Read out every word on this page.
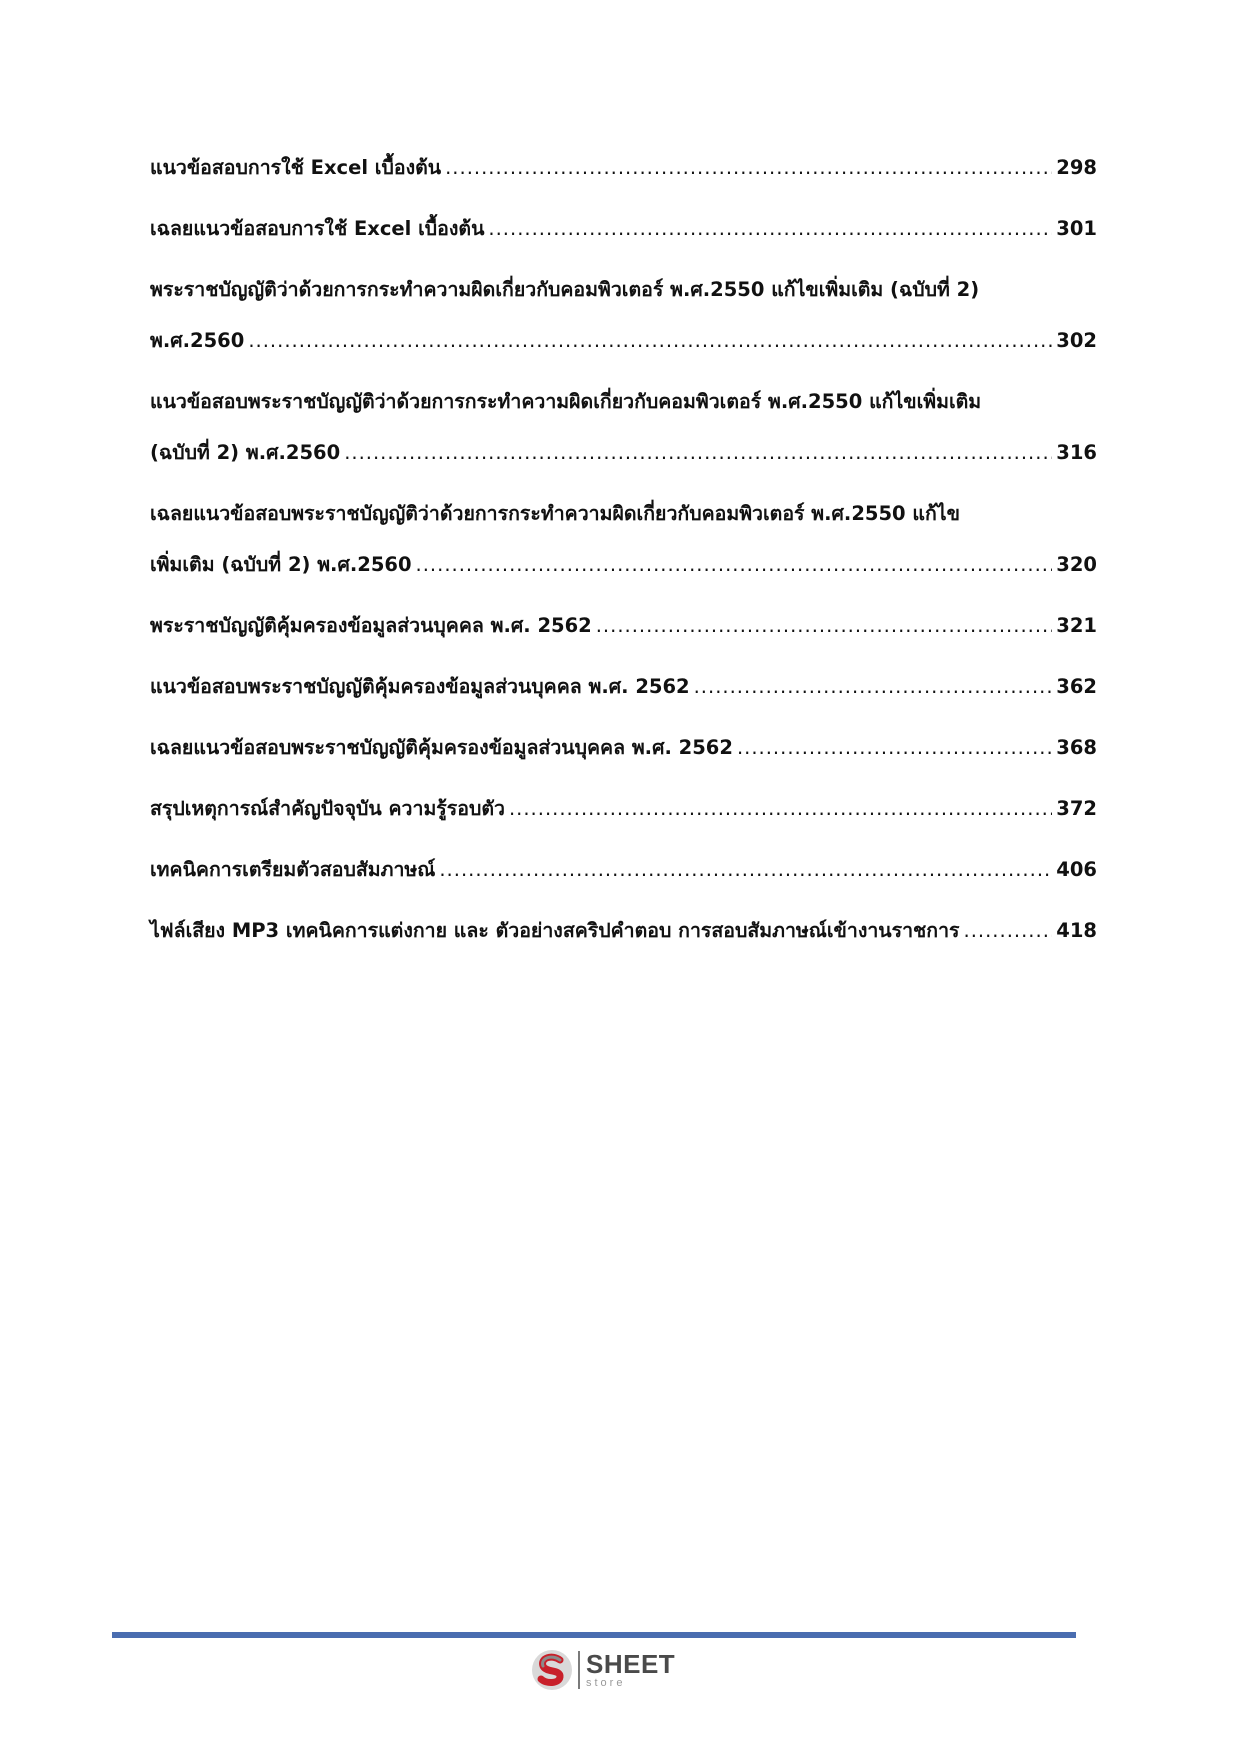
แนวข้อสอบการใช้ Excel เบื้องต้น .....	298
เฉลยแนวข้อสอบการใช้ Excel เบื้องต้น .....	301
พระราชบัญญัติว่าด้วยการกระทำความผิดเกี่ยวกับคอมพิวเตอร์ พ.ศ.2550 แก้ไขเพิ่มเติม (ฉบับที่ 2)
พ.ศ.2560 .....	302
แนวข้อสอบพระราชบัญญัติว่าด้วยการกระทำความผิดเกี่ยวกับคอมพิวเตอร์ พ.ศ.2550 แก้ไขเพิ่มเติม
(ฉบับที่ 2) พ.ศ.2560 .....	316
เฉลยแนวข้อสอบพระราชบัญญัติว่าด้วยการกระทำความผิดเกี่ยวกับคอมพิวเตอร์ พ.ศ.2550 แก้ไข
เพิ่มเติม (ฉบับที่ 2) พ.ศ.2560 .....	320
พระราชบัญญัติคุ้มครองข้อมูลส่วนบุคคล พ.ศ. 2562 .....	321
แนวข้อสอบพระราชบัญญัติคุ้มครองข้อมูลส่วนบุคคล พ.ศ. 2562 .....	362
เฉลยแนวข้อสอบพระราชบัญญัติคุ้มครองข้อมูลส่วนบุคคล พ.ศ. 2562 .....	368
สรุปเหตุการณ์สำคัญปัจจุบัน ความรู้รอบตัว .....	372
เทคนิคการเตรียมตัวสอบสัมภาษณ์ .....	406
ไฟล์เสียง MP3 เทคนิคการแต่งกาย และ ตัวอย่างสคริปคำตอบ การสอบสัมภาษณ์เข้างานราชการ .....	418
SHEET
store
